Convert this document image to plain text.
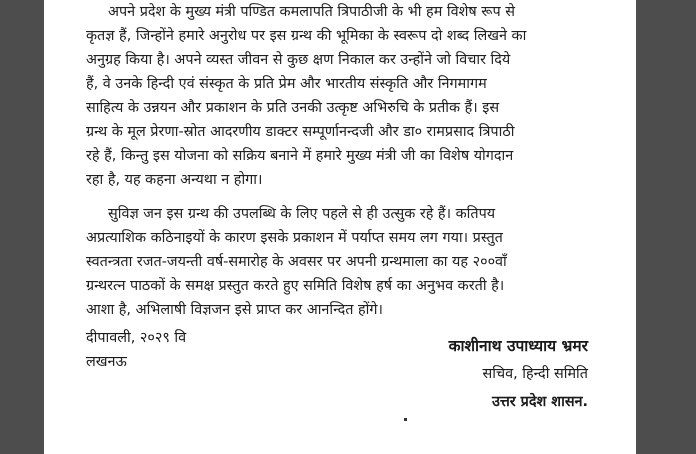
अपने प्रदेश के मुख्य मंत्री पण्डित कमलापति त्रिपाठीजी के भी हम विशेष रूप से
कृतज्ञ हैं, जिन्होंने हमारे अनुरोध पर इस ग्रन्थ की भूमिका के स्वरूप दो शब्द लिखने का
अनुग्रह किया है। अपने व्यस्त जीवन से कुछ क्षण निकाल कर उन्होंने जो विचार दिये
हैं, वे उनके हिन्दी एवं संस्कृत के प्रति प्रेम और भारतीय संस्कृति और निगमागम
साहित्य के उन्नयन और प्रकाशन के प्रति उनकी उत्कृष्ट अभिरुचि के प्रतीक हैं। इस
ग्रन्थ के मूल प्रेरणा-स्रोत आदरणीय डाक्टर सम्पूर्णानन्दजी और डा० रामप्रसाद त्रिपाठी
रहे हैं, किन्तु इस योजना को सक्रिय बनाने में हमारे मुख्य मंत्री जी का विशेष योगदान
रहा है, यह कहना अन्यथा न होगा।
सुविज्ञ जन इस ग्रन्थ की उपलब्धि के लिए पहले से ही उत्सुक रहे हैं। कतिपय
अप्रत्याशिक कठिनाइयों के कारण इसके प्रकाशन में पर्याप्त समय लग गया। प्रस्तुत
स्वतन्त्रता रजत-जयन्ती वर्ष-समारोह के अवसर पर अपनी ग्रन्थमाला का यह २००वाँ
ग्रन्थरत्न पाठकों के समक्ष प्रस्तुत करते हुए समिति विशेष हर्ष का अनुभव करती है।
आशा है, अभिलाषी विज्ञजन इसे प्राप्त कर आनन्दित होंगे।
दीपावली, २०२९ वि
लखनऊ
काशीनाथ उपाध्याय भ्रमर
सचिव, हिन्दी समिति
उत्तर प्रदेश शासन.
